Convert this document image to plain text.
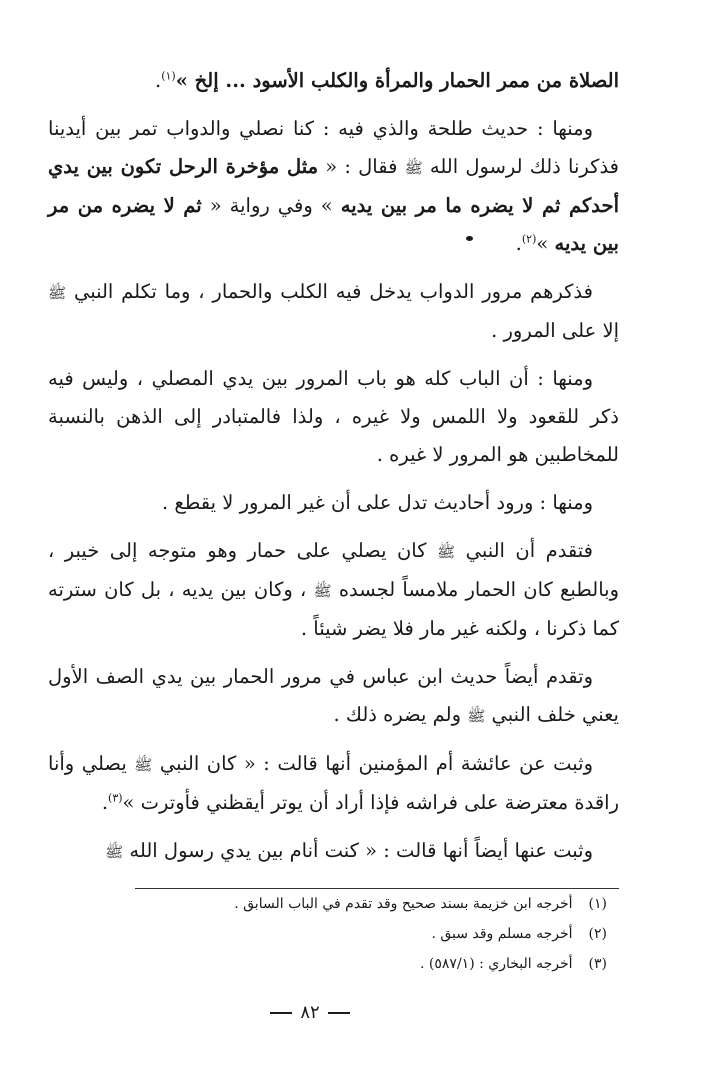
الصلاة من ممر الحمار والمرأة والكلب الأسود ... إلخ »$^{(١)}$.

ومنها : حديث طلحة والذي فيه : كنا نصلي والدواب تمر بين أيدينا فذكرنا ذلك لرسول الله ﷺ فقال : « مثل مؤخرة الرحل تكون بين يدي أحدكم ثم لا يضره ما مر بين يديه » وفي رواية « ثم لا يضره من مر بين يديه »$^{(٢)}$.

فذكرهم مرور الدواب يدخل فيه الكلب والحمار ، وما تكلم النبي ﷺ إلا على المرور .

ومنها : أن الباب كله هو باب المرور بين يدي المصلي ، وليس فيه ذكر للقعود ولا اللمس ولا غيره ، ولذا فالمتبادر إلى الذهن بالنسبة للمخاطبين هو المرور لا غيره .

ومنها : ورود أحاديث تدل على أن غير المرور لا يقطع .

فتقدم أن النبي ﷺ كان يصلي على حمار وهو متوجه إلى خيبر ، وبالطبع كان الحمار ملامساً لجسده ﷺ ، وكان بين يديه ، بل كان سترته كما ذكرنا ، ولكنه غير مار فلا يضر شيئاً .

وتقدم أيضاً حديث ابن عباس في مرور الحمار بين يدي الصف الأول يعني خلف النبي ﷺ ولم يضره ذلك .

وثبت عن عائشة أم المؤمنين أنها قالت : « كان النبي ﷺ يصلي وأنا راقدة معترضة على فراشه فإذا أراد أن يوتر أيقظني فأوترت »$^{(٣)}$.

وثبت عنها أيضاً أنها قالت : « كنت أنام بين يدي رسول الله ﷺ

(١) أخرجه ابن خزيمة بسند صحيح وقد تقدم في الباب السابق .
(٢) أخرجه مسلم وقد سبق .
(٣) أخرجه البخاري : (٥٨٧/١) .
٨٢
